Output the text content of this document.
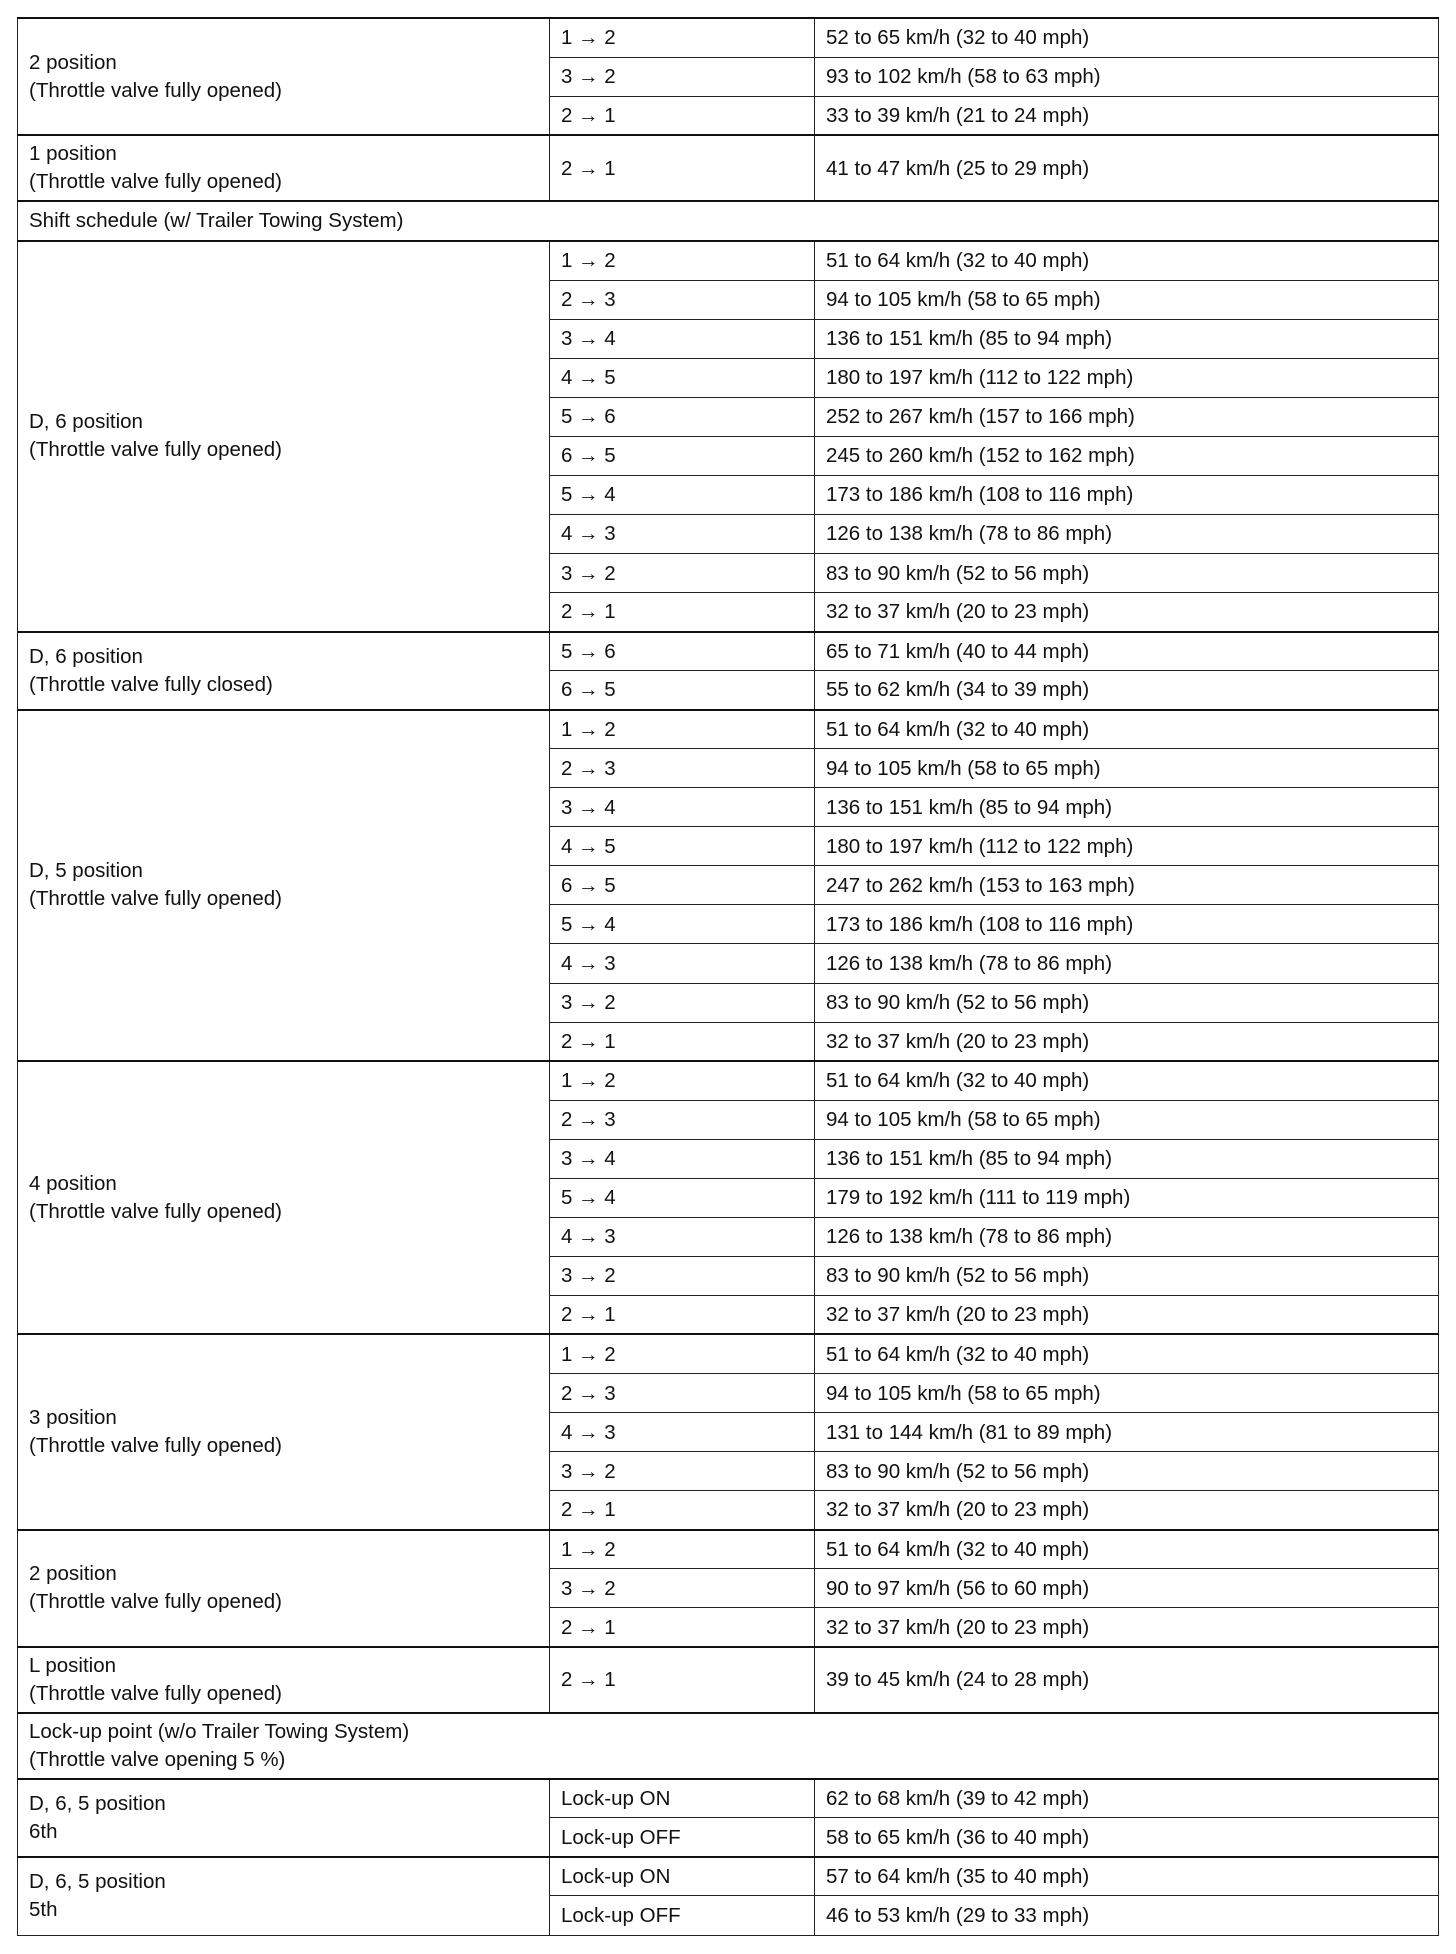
2 position
(Throttle valve fully opened)	1 → 2	52 to 65 km/h (32 to 40 mph)
	3 → 2	93 to 102 km/h (58 to 63 mph)
	2 → 1	33 to 39 km/h (21 to 24 mph)

1 position
(Throttle valve fully opened)	2 → 1	41 to 47 km/h (25 to 29 mph)

Shift schedule (w/ Trailer Towing System)		

D, 6 position
(Throttle valve fully opened)	1 → 2	51 to 64 km/h (32 to 40 mph)
	2 → 3	94 to 105 km/h (58 to 65 mph)
	3 → 4	136 to 151 km/h (85 to 94 mph)
	4 → 5	180 to 197 km/h (112 to 122 mph)
	5 → 6	252 to 267 km/h (157 to 166 mph)
	6 → 5	245 to 260 km/h (152 to 162 mph)
	5 → 4	173 to 186 km/h (108 to 116 mph)
	4 → 3	126 to 138 km/h (78 to 86 mph)
	3 → 2	83 to 90 km/h (52 to 56 mph)
	2 → 1	32 to 37 km/h (20 to 23 mph)

D, 6 position
(Throttle valve fully closed)	5 → 6	65 to 71 km/h (40 to 44 mph)
	6 → 5	55 to 62 km/h (34 to 39 mph)

D, 5 position
(Throttle valve fully opened)	1 → 2	51 to 64 km/h (32 to 40 mph)
	2 → 3	94 to 105 km/h (58 to 65 mph)
	3 → 4	136 to 151 km/h (85 to 94 mph)
	4 → 5	180 to 197 km/h (112 to 122 mph)
	6 → 5	247 to 262 km/h (153 to 163 mph)
	5 → 4	173 to 186 km/h (108 to 116 mph)
	4 → 3	126 to 138 km/h (78 to 86 mph)
	3 → 2	83 to 90 km/h (52 to 56 mph)
	2 → 1	32 to 37 km/h (20 to 23 mph)

4 position
(Throttle valve fully opened)	1 → 2	51 to 64 km/h (32 to 40 mph)
	2 → 3	94 to 105 km/h (58 to 65 mph)
	3 → 4	136 to 151 km/h (85 to 94 mph)
	5 → 4	179 to 192 km/h (111 to 119 mph)
	4 → 3	126 to 138 km/h (78 to 86 mph)
	3 → 2	83 to 90 km/h (52 to 56 mph)
	2 → 1	32 to 37 km/h (20 to 23 mph)

3 position
(Throttle valve fully opened)	1 → 2	51 to 64 km/h (32 to 40 mph)
	2 → 3	94 to 105 km/h (58 to 65 mph)
	4 → 3	131 to 144 km/h (81 to 89 mph)
	3 → 2	83 to 90 km/h (52 to 56 mph)
	2 → 1	32 to 37 km/h (20 to 23 mph)

2 position
(Throttle valve fully opened)	1 → 2	51 to 64 km/h (32 to 40 mph)
	3 → 2	90 to 97 km/h (56 to 60 mph)
	2 → 1	32 to 37 km/h (20 to 23 mph)

L position
(Throttle valve fully opened)	2 → 1	39 to 45 km/h (24 to 28 mph)

Lock-up point (w/o Trailer Towing System)
(Throttle valve opening 5 %)		

D, 6, 5 position
6th	Lock-up ON	62 to 68 km/h (39 to 42 mph)
	Lock-up OFF	58 to 65 km/h (36 to 40 mph)

D, 6, 5 position
5th	Lock-up ON	57 to 64 km/h (35 to 40 mph)
	Lock-up OFF	46 to 53 km/h (29 to 33 mph)
